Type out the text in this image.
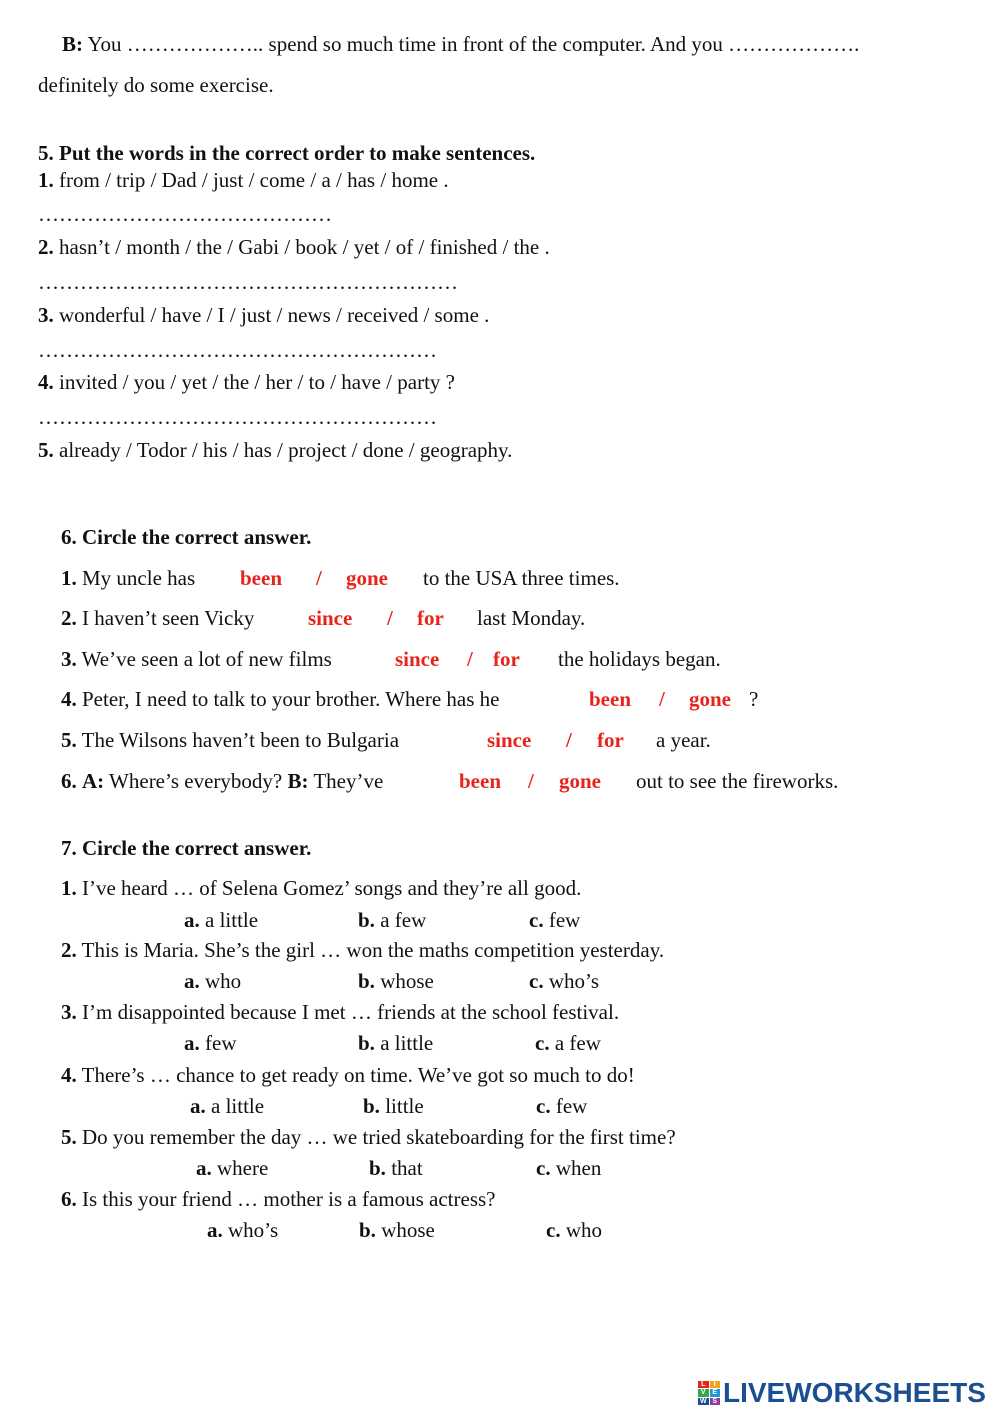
B: You ……………….. spend so much time in front of the computer. And you ……………….
definitely do some exercise.
5. Put the words in the correct order to make sentences.
1. from / trip / Dad / just / come / a / has / home .
……………………………………
2. hasn’t / month / the / Gabi / book / yet / of / finished / the .
……………………………………………………
3. wonderful / have / I / just / news / received / some .
…………………………………………………
4. invited / you / yet / the / her / to / have / party ?
…………………………………………………
5. already / Todor / his / has / project / done / geography.
6. Circle the correct answer.
1. My uncle has been / gone to the USA three times.
2. I haven’t seen Vicky	since / for last Monday.
3. We’ve seen a lot of new films	since / for the holidays began.
4. Peter, I need to talk to your brother. Where has he	been / gone ?
5. The Wilsons haven’t been to Bulgaria	since / for a year.
6. A: Where’s everybody? B: They’ve	been / gone out to see the fireworks.
7. Circle the correct answer.
1. I’ve heard … of Selena Gomez’ songs and they’re all good.
a. a little	b. a few	c. few
2. This is Maria. She’s the girl … won the maths competition yesterday.
a. who	b. whose	c. who’s
3. I’m disappointed because I met … friends at the school festival.
a. few	b. a little	c. a few
4. There’s … chance to get ready on time. We’ve got so much to do!
a. a little	b. little	c. few
5. Do you remember the day … we tried skateboarding for the first time?
a. where	b. that	c. when
6. Is this your friend … mother is a famous actress?
a. who’s	b. whose	c. who
L	I
V E
W S LIVEWORKSHEETS
